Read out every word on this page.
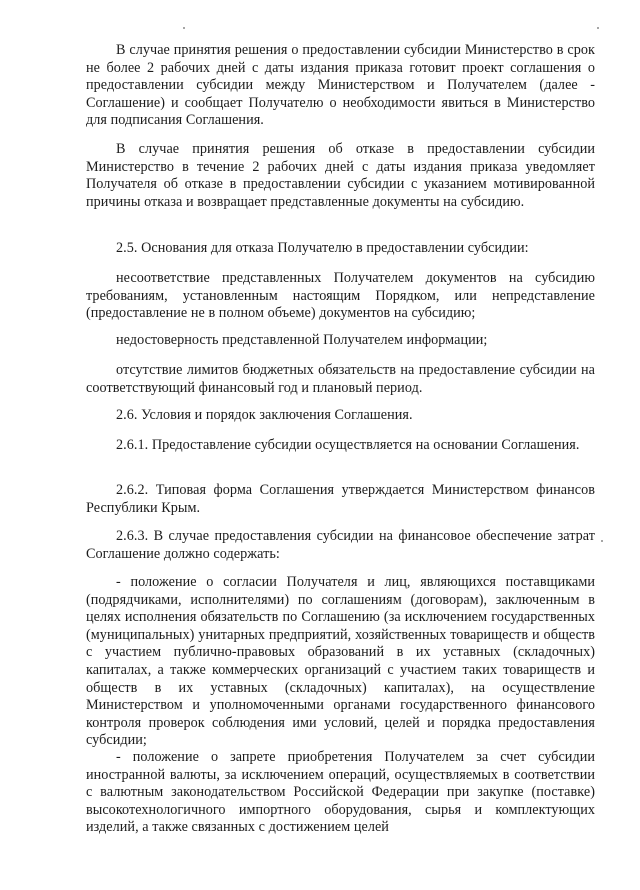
В случае принятия решения о предоставлении субсидии Министерство в срок не более 2 рабочих дней с даты издания приказа готовит проект соглашения о предоставлении субсидии между Министерством и Получателем (далее - Соглашение) и сообщает Получателю о необходимости явиться в Министерство для подписания Соглашения.

В случае принятия решения об отказе в предоставлении субсидии Министерство в течение 2 рабочих дней с даты издания приказа уведомляет Получателя об отказе в предоставлении субсидии с указанием мотивированной причины отказа и возвращает представленные документы на субсидию.

2.5. Основания для отказа Получателю в предоставлении субсидии:

несоответствие представленных Получателем документов на субсидию требованиям, установленным настоящим Порядком, или непредставление (предоставление не в полном объеме) документов на субсидию;

недостоверность представленной Получателем информации;

отсутствие лимитов бюджетных обязательств на предоставление субсидии на соответствующий финансовый год и плановый период.

2.6. Условия и порядок заключения Соглашения.

2.6.1. Предоставление субсидии осуществляется на основании Соглашения.

2.6.2. Типовая форма Соглашения утверждается Министерством финансов Республики Крым.

2.6.3. В случае предоставления субсидии на финансовое обеспечение затрат Соглашение должно содержать:

- положение о согласии Получателя и лиц, являющихся поставщиками (подрядчиками, исполнителями) по соглашениям (договорам), заключенным в целях исполнения обязательств по Соглашению (за исключением государственных (муниципальных) унитарных предприятий, хозяйственных товариществ и обществ с участием публично-правовых образований в их уставных (складочных) капиталах, а также коммерческих организаций с участием таких товариществ и обществ в их уставных (складочных) капиталах), на осуществление Министерством и уполномоченными органами государственного финансового контроля проверок соблюдения ими условий, целей и порядка предоставления субсидии;

- положение о запрете приобретения Получателем за счет субсидии иностранной валюты, за исключением операций, осуществляемых в соответствии с валютным законодательством Российской Федерации при закупке (поставке) высокотехнологичного импортного оборудования, сырья и комплектующих изделий, а также связанных с достижением целей
